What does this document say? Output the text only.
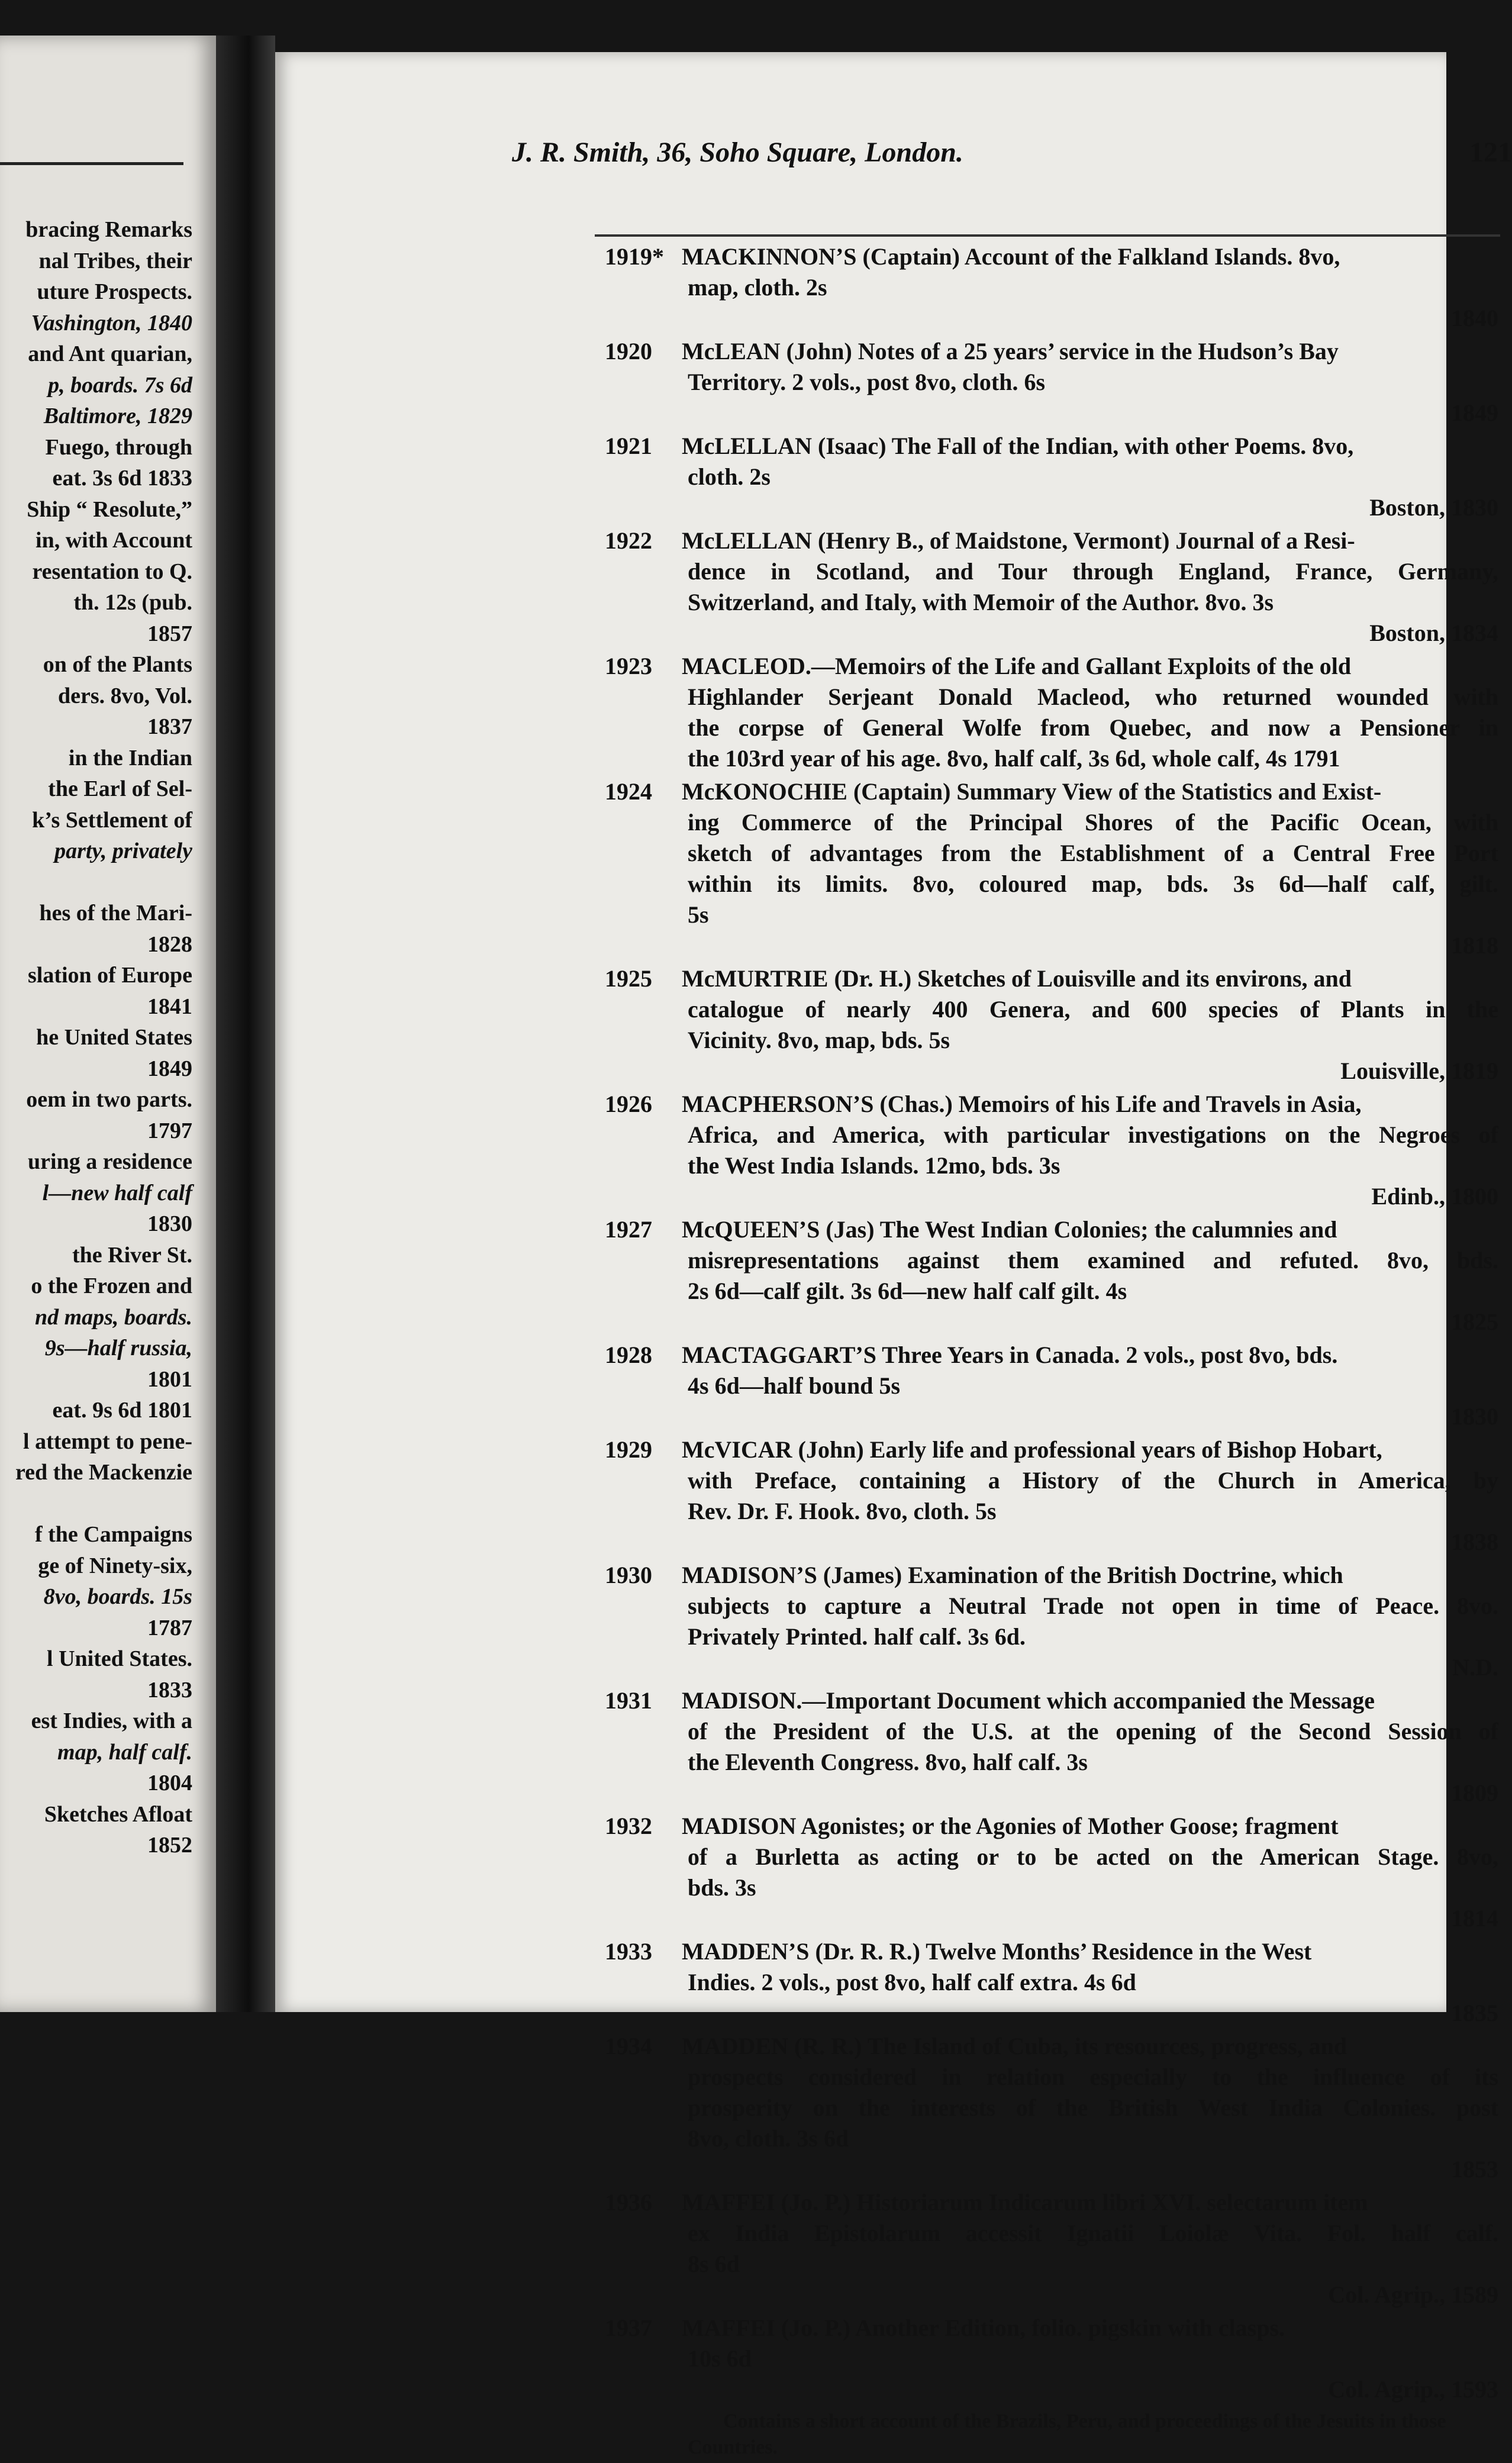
bracing Remarks
nal Tribes, their
uture Prospects.
Vashington, 1840
and Ant quarian,
p, boards. 7s 6d
Baltimore, 1829
Fuego, through
eat. 3s 6d 1833
Ship “ Resolute,”
in, with Account
resentation to Q.
th. 12s (pub.
1857
on of the Plants
ders. 8vo, Vol.
1837
in the Indian
the Earl of Sel-
k’s Settlement of
party, privately
hes of the Mari-
1828
slation of Europe
1841
he United States
1849
oem in two parts.
1797
uring a residence
l—new half calf
1830
the River St.
o the Frozen and
nd maps, boards.
9s—half russia,
1801
eat. 9s 6d 1801
l attempt to pene-
red the Mackenzie
f the Campaigns
ge of Ninety-six,
8vo, boards. 15s
1787
l United States.
1833
est Indies, with a
map, half calf.
1804
Sketches Afloat
1852
J. R. Smith, 36, Soho Square, London.	121
1919* MACKINNON’S (Captain) Account of the Falkland Islands. 8vo,
map, cloth. 2s
1840
1920	McLEAN (John) Notes of a 25 years’ service in the Hudson’s Bay
Territory. 2 vols., post 8vo, cloth. 6s
1849
1921	McLELLAN (Isaac) The Fall of the Indian, with other Poems. 8vo,
cloth. 2s
Boston, 1830
1922	McLELLAN (Henry B., of Maidstone, Vermont) Journal of a Resi-
dence in Scotland, and Tour through England, France, Germany,
Switzerland, and Italy, with Memoir of the Author. 8vo. 3s
Boston, 1834
1923	MACLEOD.—Memoirs of the Life and Gallant Exploits of the old
Highlander Serjeant Donald Macleod, who returned wounded with
the corpse of General Wolfe from Quebec, and now a Pensioner in
the 103rd year of his age. 8vo, half calf, 3s 6d, whole calf, 4s 1791
1924	McKONOCHIE (Captain) Summary View of the Statistics and Exist-
ing Commerce of the Principal Shores of the Pacific Ocean, with
sketch of advantages from the Establishment of a Central Free Port
within its limits. 8vo, coloured map, bds. 3s 6d—half calf, gilt.
5s
1818
1925	McMURTRIE (Dr. H.) Sketches of Louisville and its environs, and
catalogue of nearly 400 Genera, and 600 species of Plants in the
Vicinity. 8vo, map, bds. 5s
Louisville, 1819
1926	MACPHERSON’S (Chas.) Memoirs of his Life and Travels in Asia,
Africa, and America, with particular investigations on the Negroes of
the West India Islands. 12mo, bds. 3s
Edinb., 1800
1927	McQUEEN’S (Jas) The West Indian Colonies; the calumnies and
misrepresentations against them examined and refuted. 8vo, bds.
2s 6d—calf gilt. 3s 6d—new half calf gilt. 4s
1825
1928	MACTAGGART’S Three Years in Canada. 2 vols., post 8vo, bds.
4s 6d—half bound 5s
1830
1929	McVICAR (John) Early life and professional years of Bishop Hobart,
with Preface, containing a History of the Church in America, by
Rev. Dr. F. Hook. 8vo, cloth. 5s
1838
1930	MADISON’S (James) Examination of the British Doctrine, which
subjects to capture a Neutral Trade not open in time of Peace. 8vo.
Privately Printed. half calf. 3s 6d.
N.D.
1931	MADISON.—Important Document which accompanied the Message
of the President of the U.S. at the opening of the Second Session of
the Eleventh Congress. 8vo, half calf. 3s
1809
1932	MADISON Agonistes; or the Agonies of Mother Goose; fragment
of a Burletta as acting or to be acted on the American Stage. 8vo,
bds. 3s
1814
1933	MADDEN’S (Dr. R. R.) Twelve Months’ Residence in the West
Indies. 2 vols., post 8vo, half calf extra. 4s 6d
1835
1934	MADDEN (R. R.) The Island of Cuba, its resources, progress, and
prospects considered in relation especially to the influence of its
prosperity on the interests of the British West India Colonies. post
8vo, cloth. 3s 6d
1853
1936	MAFFEI (Jo. P.) Historiarum Indicarum libri XVI. selectarum item
ex India Epistolarum accessit Ignatii Loiolæ Vita. Fol. half calf.
8s 6d
Col. Agrip., 1589
1937	MAFFEI (Jo. P.) Another Edition, folio. pigskin with clasps.
10s 6d
Col. Agrip., 1593
Contains a short account of the Brazils, Peru, and proceedings of the Jesuits in those Countries.
